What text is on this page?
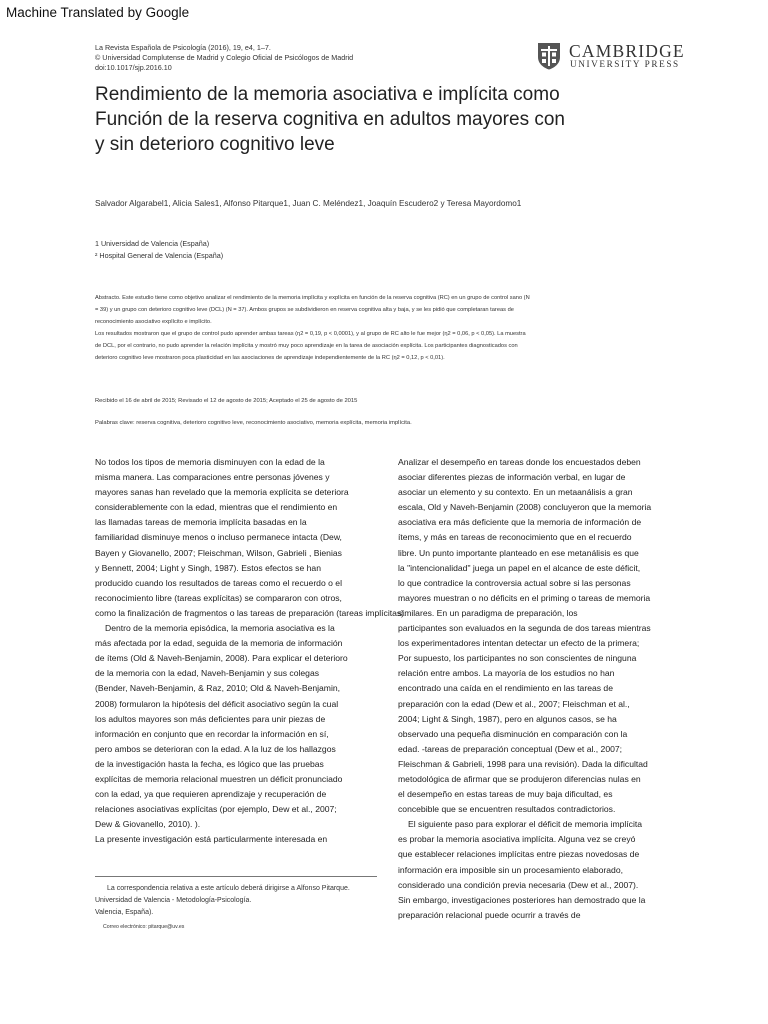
Machine Translated by Google
La Revista Española de Psicología (2016), 19, e4, 1–7.
© Universidad Complutense de Madrid y Colegio Oficial de Psicólogos de Madrid
doi:10.1017/sjp.2016.10
CAMBRIDGE
UNIVERSITY PRESS
Rendimiento de la memoria asociativa e implícita como
Función de la reserva cognitiva en adultos mayores con
y sin deterioro cognitivo leve
Salvador Algarabel1, Alicia Sales1, Alfonso Pitarque1, Juan C. Meléndez1, Joaquín Escudero2 y Teresa Mayordomo1
1 Universidad de Valencia (España)
² Hospital General de Valencia (España)
Abstracto. Este estudio tiene como objetivo analizar el rendimiento de la memoria implícita y explícita en función de la reserva cognitiva (RC) en un grupo de control sano (N
= 39) y un grupo con deterioro cognitivo leve (DCL) (N = 37). Ambos grupos se subdividieron en reserva cognitiva alta y baja, y se les pidió que completaran tareas de
reconocimiento asociativo explícito e implícito.
Los resultados mostraron que el grupo de control pudo aprender ambas tareas (η2 = 0,19, p < 0,0001), y al grupo de RC alto le fue mejor (η2 = 0,06, p < 0,05). La muestra
de DCL, por el contrario, no pudo aprender la relación implícita y mostró muy poco aprendizaje en la tarea de asociación explícita. Los participantes diagnosticados con
deterioro cognitivo leve mostraron poca plasticidad en las asociaciones de aprendizaje independientemente de la RC (η2 = 0,12, p < 0,01).
Recibido el 16 de abril de 2015; Revisado el 12 de agosto de 2015; Aceptado el 25 de agosto de 2015
Palabras clave: reserva cognitiva, deterioro cognitivo leve, reconocimiento asociativo, memoria explícita, memoria implícita.
No todos los tipos de memoria disminuyen con la edad de la
misma manera. Las comparaciones entre personas jóvenes y
mayores sanas han revelado que la memoria explícita se deteriora
considerablemente con la edad, mientras que el rendimiento en
las llamadas tareas de memoria implícita basadas en la
familiaridad disminuye menos o incluso permanece intacta (Dew,
Bayen y Giovanello, 2007; Fleischman, Wilson, Gabrieli , Bienias
y Bennett, 2004; Light y Singh, 1987). Estos efectos se han
producido cuando los resultados de tareas como el recuerdo o el
reconocimiento libre (tareas explícitas) se compararon con otros,
como la finalización de fragmentos o las tareas de preparación (tareas implícitas).
Dentro de la memoria episódica, la memoria asociativa es la
más afectada por la edad, seguida de la memoria de información
de ítems (Old & Naveh-Benjamin, 2008). Para explicar el deterioro
de la memoria con la edad, Naveh-Benjamin y sus colegas
(Bender, Naveh-Benjamin, & Raz, 2010; Old & Naveh-Benjamin,
2008) formularon la hipótesis del déficit asociativo según la cual
los adultos mayores son más deficientes para unir piezas de
información en conjunto que en recordar la información en sí,
pero ambos se deterioran con la edad. A la luz de los hallazgos
de la investigación hasta la fecha, es lógico que las pruebas
explícitas de memoria relacional muestren un déficit pronunciado
con la edad, ya que requieren aprendizaje y recuperación de
relaciones asociativas explícitas (por ejemplo, Dew et al., 2007;
Dew & Giovanello, 2010). ).
La presente investigación está particularmente interesada en
Analizar el desempeño en tareas donde los encuestados deben
asociar diferentes piezas de información verbal, en lugar de
asociar un elemento y su contexto. En un metaanálisis a gran
escala, Old y Naveh-Benjamin (2008) concluyeron que la memoria
asociativa era más deficiente que la memoria de información de
ítems, y más en tareas de reconocimiento que en el recuerdo
libre. Un punto importante planteado en ese metanálisis es que
la "intencionalidad" juega un papel en el alcance de este déficit,
lo que contradice la controversia actual sobre si las personas
mayores muestran o no déficits en el priming o tareas de memoria
similares. En un paradigma de preparación, los
participantes son evaluados en la segunda de dos tareas mientras
los experimentadores intentan detectar un efecto de la primera;
Por supuesto, los participantes no son conscientes de ninguna
relación entre ambos. La mayoría de los estudios no han
encontrado una caída en el rendimiento en las tareas de
preparación con la edad (Dew et al., 2007; Fleischman et al.,
2004; Light & Singh, 1987), pero en algunos casos, se ha
observado una pequeña disminución en comparación con la
edad. -tareas de preparación conceptual (Dew et al., 2007;
Fleischman & Gabrieli, 1998 para una revisión). Dada la dificultad
metodológica de afirmar que se produjeron diferencias nulas en
el desempeño en estas tareas de muy baja dificultad, es
concebible que se encuentren resultados contradictorios.
El siguiente paso para explorar el déficit de memoria implícita
es probar la memoria asociativa implícita. Alguna vez se creyó
que establecer relaciones implícitas entre piezas novedosas de
información era imposible sin un procesamiento elaborado,
considerado una condición previa necesaria (Dew et al., 2007).
Sin embargo, investigaciones posteriores han demostrado que la
preparación relacional puede ocurrir a través de
La correspondencia relativa a este artículo deberá dirigirse a Alfonso Pitarque.
Universidad de Valencia - Metodología-Psicología.
Valencia, España).
Correo electrónico: pitarque@uv.es
